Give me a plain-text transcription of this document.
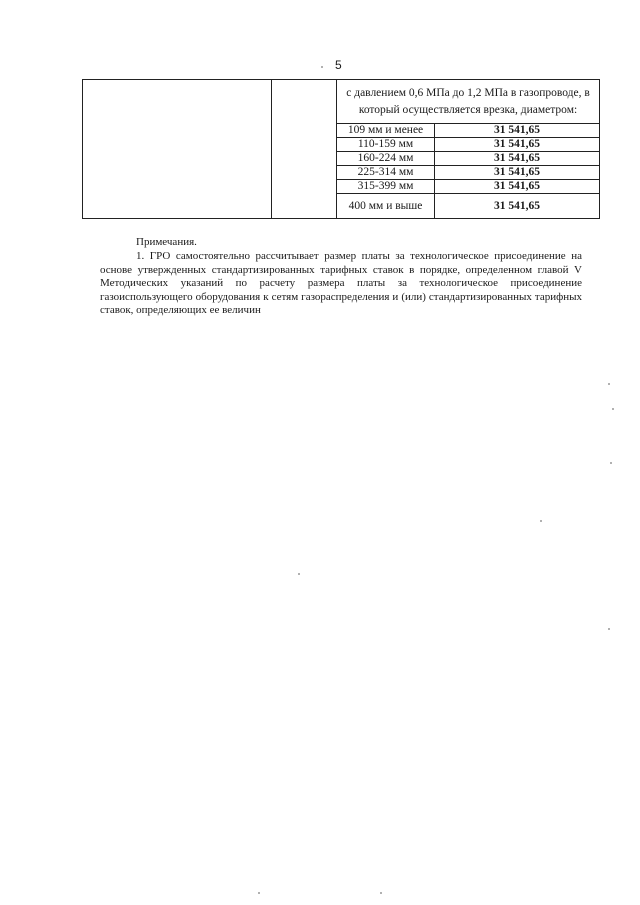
5
		с давлением 0,6 МПа до 1,2 МПа в газопроводе, в который осуществляется врезка, диаметром:	
		109 мм и менее	31 541,65
		110-159 мм	31 541,65
		160-224 мм	31 541,65
		225-314 мм	31 541,65
		315-399 мм	31 541,65
		400 мм и выше	31 541,65

Примечания.

1. ГРО самостоятельно рассчитывает размер платы за технологическое присоединение на основе утвержденных стандартизированных тарифных ставок в порядке, определенном главой V Методических указаний по расчету размера платы за технологическое присоединение газоиспользующего оборудования к сетям газораспределения и (или) стандартизированных тарифных ставок, определяющих ее величин
